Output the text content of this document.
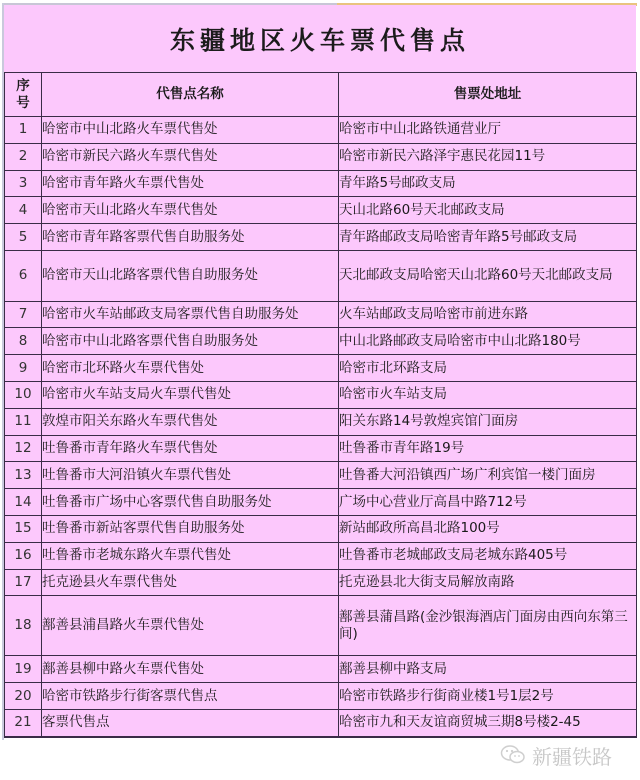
东疆地区火车票代售点
序
号	代售点名称	售票处地址
1	哈密市中山北路火车票代售处	哈密市中山北路铁通营业厅
2	哈密市新民六路火车票代售处	哈密市新民六路泽宇惠民花园11号
3	哈密市青年路火车票代售处	青年路5号邮政支局
4	哈密市天山北路火车票代售处	天山北路60号天北邮政支局
5	哈密市青年路客票代售自助服务处	青年路邮政支局哈密青年路5号邮政支局
6	哈密市天山北路客票代售自助服务处	天北邮政支局哈密天山北路60号天北邮政支局
7	哈密市火车站邮政支局客票代售自助服务处	火车站邮政支局哈密市前进东路
8	哈密市中山北路客票代售自助服务处	中山北路邮政支局哈密市中山北路180号
9	哈密市北环路火车票代售处	哈密市北环路支局
10	哈密市火车站支局火车票代售处	哈密市火车站支局
11	敦煌市阳关东路火车票代售处	阳关东路14号敦煌宾馆门面房
12	吐鲁番市青年路火车票代售处	吐鲁番市青年路19号
13	吐鲁番市大河沿镇火车票代售处	吐鲁番大河沿镇西广场广利宾馆一楼门面房
14	吐鲁番市广场中心客票代售自助服务处	广场中心营业厅高昌中路712号
15	吐鲁番市新站客票代售自助服务处	新站邮政所高昌北路100号
16	吐鲁番市老城东路火车票代售处	吐鲁番市老城邮政支局老城东路405号
17	托克逊县火车票代售处	托克逊县北大街支局解放南路
18	鄯善县浦昌路火车票代售处	鄯善县蒲昌路(金沙银海酒店门面房由西向东第三间)
19	鄯善县柳中路火车票代售处	鄯善县柳中路支局
20	哈密市铁路步行街客票代售点	哈密市铁路步行街商业楼1号1层2号
21	客票代售点	哈密市九和天友谊商贸城三期8号楼2-45
新疆铁路
